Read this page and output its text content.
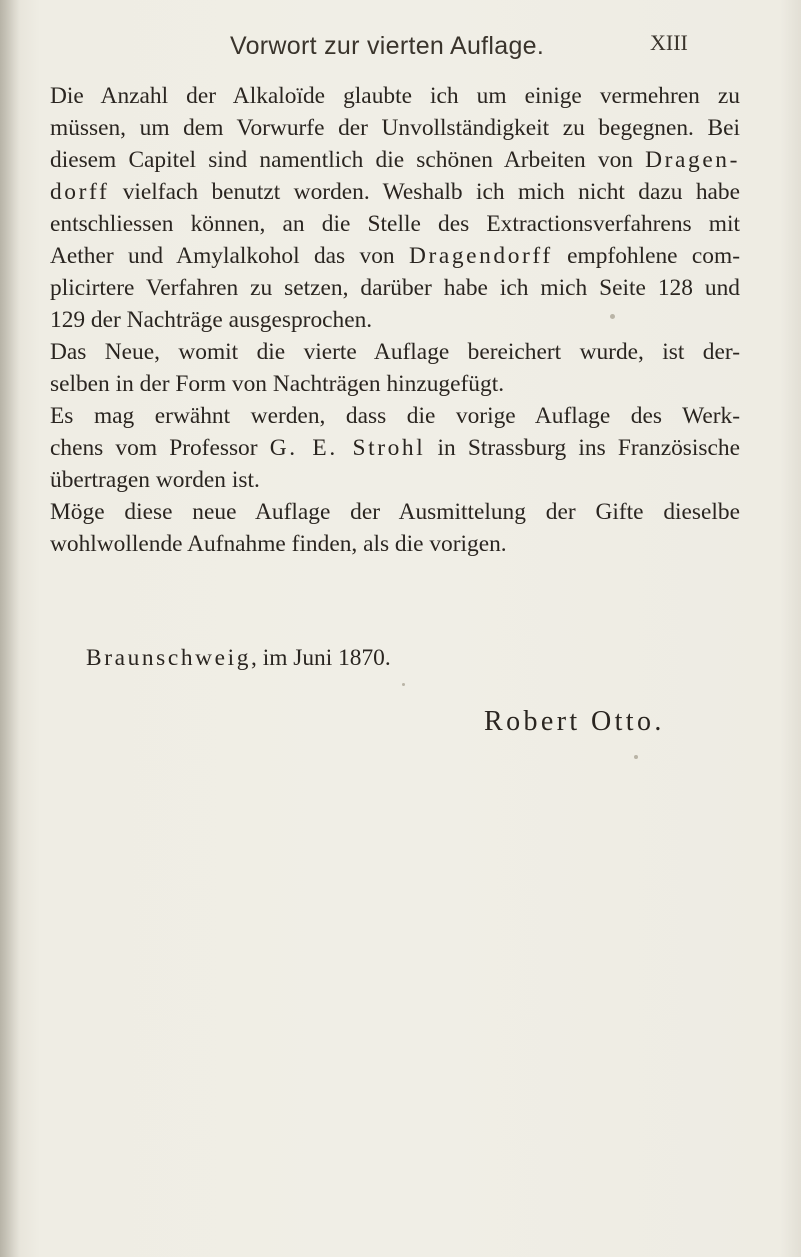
Vorwort zur vierten Auflage.	XIII
Die Anzahl der Alkaloïde glaubte ich um einige vermehren zu
müssen, um dem Vorwurfe der Unvollständigkeit zu begegnen. Bei
diesem Capitel sind namentlich die schönen Arbeiten von Dragen-
dorff vielfach benutzt worden. Weshalb ich mich nicht dazu habe
entschliessen können, an die Stelle des Extractionsverfahrens mit
Aether und Amylalkohol das von Dragendorff empfohlene com-
plicirtere Verfahren zu setzen, darüber habe ich mich Seite 128 und
129 der Nachträge ausgesprochen.
Das Neue, womit die vierte Auflage bereichert wurde, ist der-
selben in der Form von Nachträgen hinzugefügt.
Es mag erwähnt werden, dass die vorige Auflage des Werk-
chens vom Professor G. E. Strohl in Strassburg ins Französische
übertragen worden ist.
Möge diese neue Auflage der Ausmittelung der Gifte dieselbe
wohlwollende Aufnahme finden, als die vorigen.
Braunschweig, im Juni 1870.
Robert Otto.
